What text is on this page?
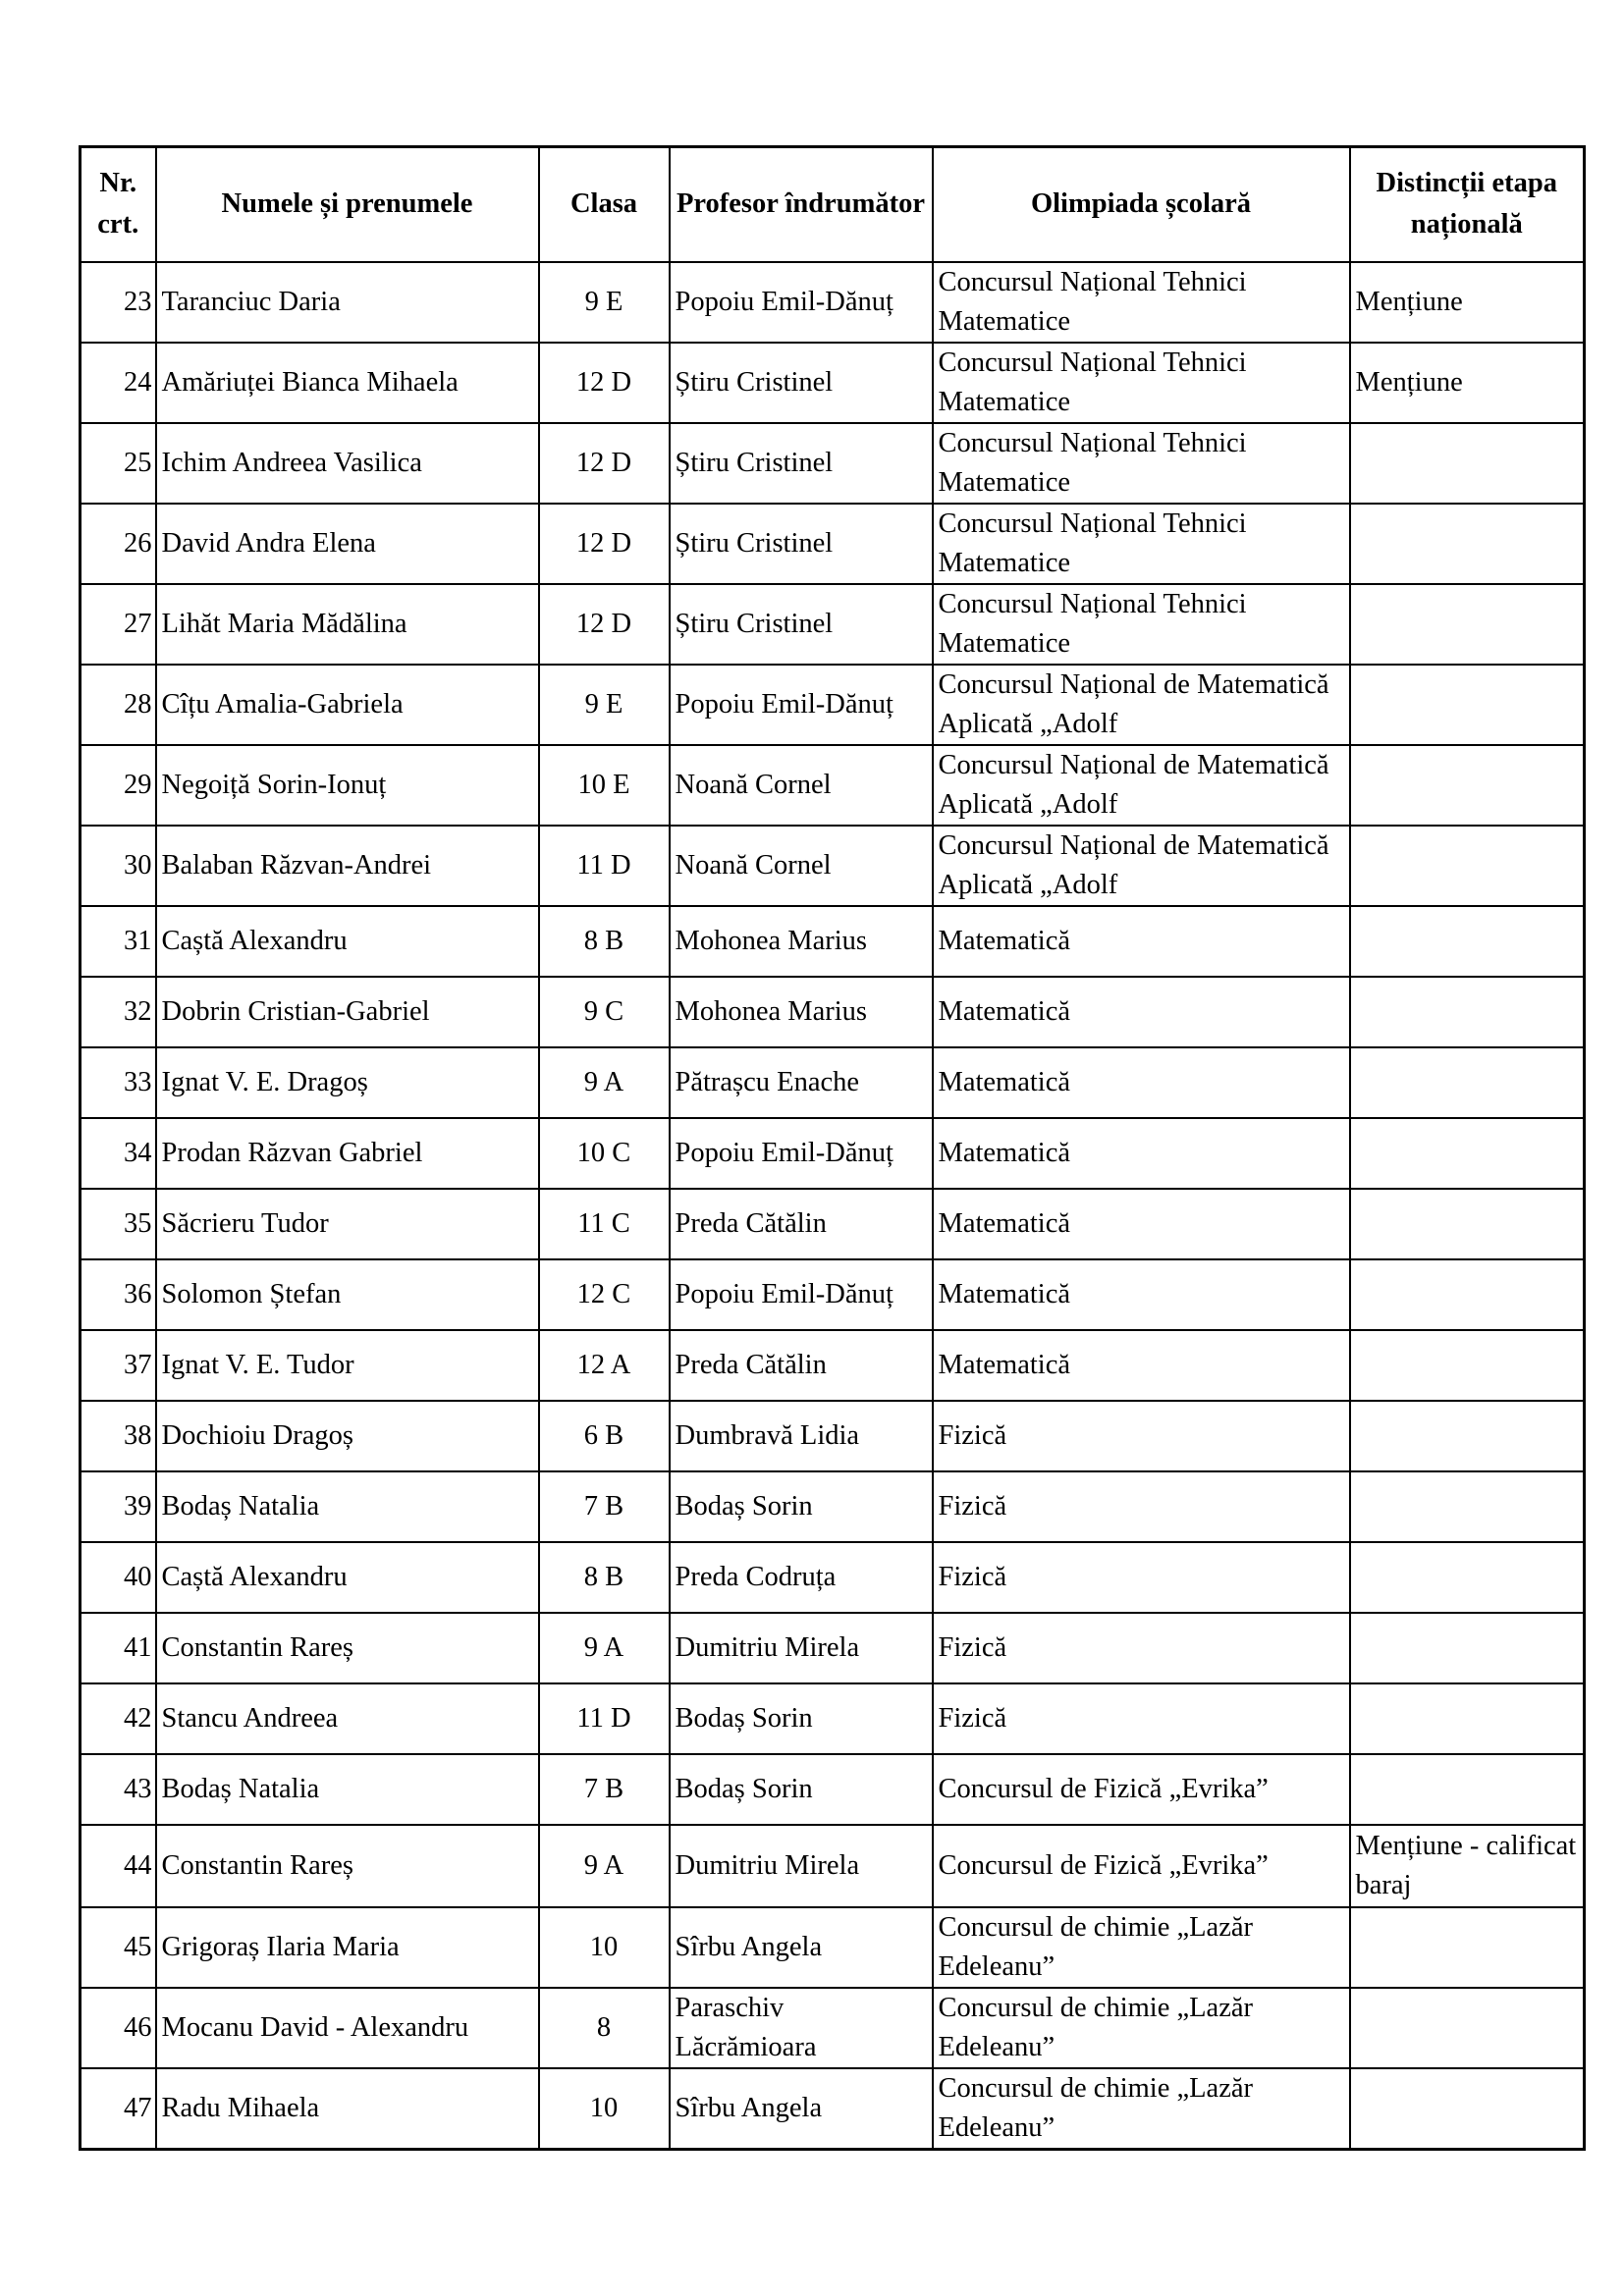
Nr. crt.	Numele și prenumele	Clasa	Profesor îndrumător	Olimpiada școlară	Distincții etapa națională
23	Taranciuc Daria	9 E	Popoiu Emil-Dănuț	Concursul Național Tehnici Matematice	Mențiune
24	Amăriuței Bianca Mihaela	12 D	Știru Cristinel	Concursul Național Tehnici Matematice	Mențiune
25	Ichim Andreea Vasilica	12 D	Știru Cristinel	Concursul Național Tehnici Matematice	
26	David Andra Elena	12 D	Știru Cristinel	Concursul Național Tehnici Matematice	
27	Lihăt Maria Mădălina	12 D	Știru Cristinel	Concursul Național Tehnici Matematice	
28	Cîțu Amalia-Gabriela	9 E	Popoiu Emil-Dănuț	Concursul Național de Matematică Aplicată „Adolf	
29	Negoiță Sorin-Ionuț	10 E	Noană Cornel	Concursul Național de Matematică Aplicată „Adolf	
30	Balaban Răzvan-Andrei	11 D	Noană Cornel	Concursul Național de Matematică Aplicată „Adolf	
31	Caștă Alexandru	8 B	Mohonea Marius	Matematică	
32	Dobrin Cristian-Gabriel	9 C	Mohonea Marius	Matematică	
33	Ignat V. E. Dragoș	9 A	Pătrașcu Enache	Matematică	
34	Prodan Răzvan Gabriel	10 C	Popoiu Emil-Dănuț	Matematică	
35	Săcrieru Tudor	11 C	Preda Cătălin	Matematică	
36	Solomon Ștefan	12 C	Popoiu Emil-Dănuț	Matematică	
37	Ignat V. E. Tudor	12 A	Preda Cătălin	Matematică	
38	Dochioiu Dragoș	6 B	Dumbravă Lidia	Fizică	
39	Bodaș Natalia	7 B	Bodaș Sorin	Fizică	
40	Caștă Alexandru	8 B	Preda Codruța	Fizică	
41	Constantin Rareș	9 A	Dumitriu Mirela	Fizică	
42	Stancu Andreea	11 D	Bodaș Sorin	Fizică	
43	Bodaș Natalia	7 B	Bodaș Sorin	Concursul de Fizică „Evrika”	
44	Constantin Rareș	9 A	Dumitriu Mirela	Concursul de Fizică „Evrika”	Mențiune - calificat baraj
45	Grigoraș Ilaria Maria	10	Sîrbu Angela	Concursul de chimie „Lazăr Edeleanu”	
46	Mocanu David - Alexandru	8	Paraschiv Lăcrămioara	Concursul de chimie „Lazăr Edeleanu”	
47	Radu Mihaela	10	Sîrbu Angela	Concursul de chimie „Lazăr Edeleanu”	
